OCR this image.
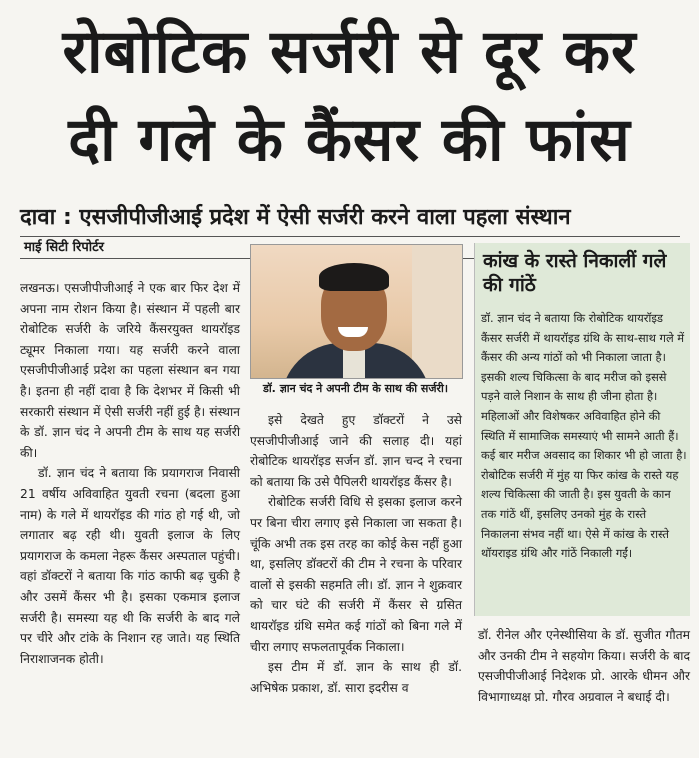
रोबोटिक सर्जरी से दूर कर
दी गले के कैंसर की फांस
दावा : एसजीपीजीआई प्रदेश में ऐसी सर्जरी करने वाला पहला संस्थान
माई सिटी रिपोर्टर

लखनऊ। एसजीपीजीआई ने एक बार फिर देश में अपना नाम रोशन किया है। संस्थान में पहली बार रोबोटिक सर्जरी के जरिये कैंसरयुक्त थायरॉइड ट्यूमर निकाला गया। यह सर्जरी करने वाला एसजीपीजीआई प्रदेश का पहला संस्थान बन गया है। इतना ही नहीं दावा है कि देशभर में किसी भी सरकारी संस्थान में ऐसी सर्जरी नहीं हुई है। संस्थान के डॉ. ज्ञान चंद ने अपनी टीम के साथ यह सर्जरी की।

डॉ. ज्ञान चंद ने बताया कि प्रयागराज निवासी 21 वर्षीय अविवाहित युवती रचना (बदला हुआ नाम) के गले में थायरॉइड की गांठ हो गई थी, जो लगातार बढ़ रही थी। युवती इलाज के लिए प्रयागराज के कमला नेहरू कैंसर अस्पताल पहुंची। वहां डॉक्टरों ने बताया कि गांठ काफी बढ़ चुकी है और उसमें कैंसर भी है। इसका एकमात्र इलाज सर्जरी है। समस्या यह थी कि सर्जरी के बाद गले पर चीरे और टांके के निशान रह जाते। यह स्थिति निराशाजनक होती।

डॉ. ज्ञान चंद ने अपनी टीम के साथ की सर्जरी।

इसे देखते हुए डॉक्टरों ने उसे एसजीपीजीआई जाने की सलाह दी। यहां रोबोटिक थायरॉइड सर्जन डॉ. ज्ञान चन्द ने रचना को बताया कि उसे पैपिलरी थायरॉइड कैंसर है।

रोबोटिक सर्जरी विधि से इसका इलाज करने पर बिना चीरा लगाए इसे निकाला जा सकता है। चूंकि अभी तक इस तरह का कोई केस नहीं हुआ था, इसलिए डॉक्टरों की टीम ने रचना के परिवार वालों से इसकी सहमति ली। डॉ. ज्ञान ने शुक्रवार को चार घंटे की सर्जरी में कैंसर से ग्रसित थायरॉइड ग्रंथि समेत कई गांठों को बिना गले में चीरा लगाए सफलतापूर्वक निकाला।

इस टीम में डॉ. ज्ञान के साथ ही डॉ. अभिषेक प्रकाश, डॉ. सारा इदरीस व

कांख के रास्ते निकालीं गले की गांठें

डॉ. ज्ञान चंद ने बताया कि रोबोटिक थायरॉइड कैंसर सर्जरी में थायरॉइड ग्रंथि के साथ-साथ गले में कैंसर की अन्य गांठों को भी निकाला जाता है। इसकी शल्य चिकित्सा के बाद मरीज को इससे पड़ने वाले निशान के साथ ही जीना होता है। महिलाओं और विशेषकर अविवाहित होने की स्थिति में सामाजिक समस्याएं भी सामने आती हैं। कई बार मरीज अवसाद का शिकार भी हो जाता है। रोबोटिक सर्जरी में मुंह या फिर कांख के रास्ते यह शल्य चिकित्सा की जाती है। इस युवती के कान तक गांठें थीं, इसलिए उनको मुंह के रास्ते निकालना संभव नहीं था। ऐसे में कांख के रास्ते थॉयराइड ग्रंथि और गांठें निकाली गईं।

डॉ. रीनेल और एनेस्थीसिया के डॉ. सुजीत गौतम और उनकी टीम ने सहयोग किया। सर्जरी के बाद एसजीपीजीआई निदेशक प्रो. आरके धीमन और विभागाध्यक्ष प्रो. गौरव अग्रवाल ने बधाई दी।
